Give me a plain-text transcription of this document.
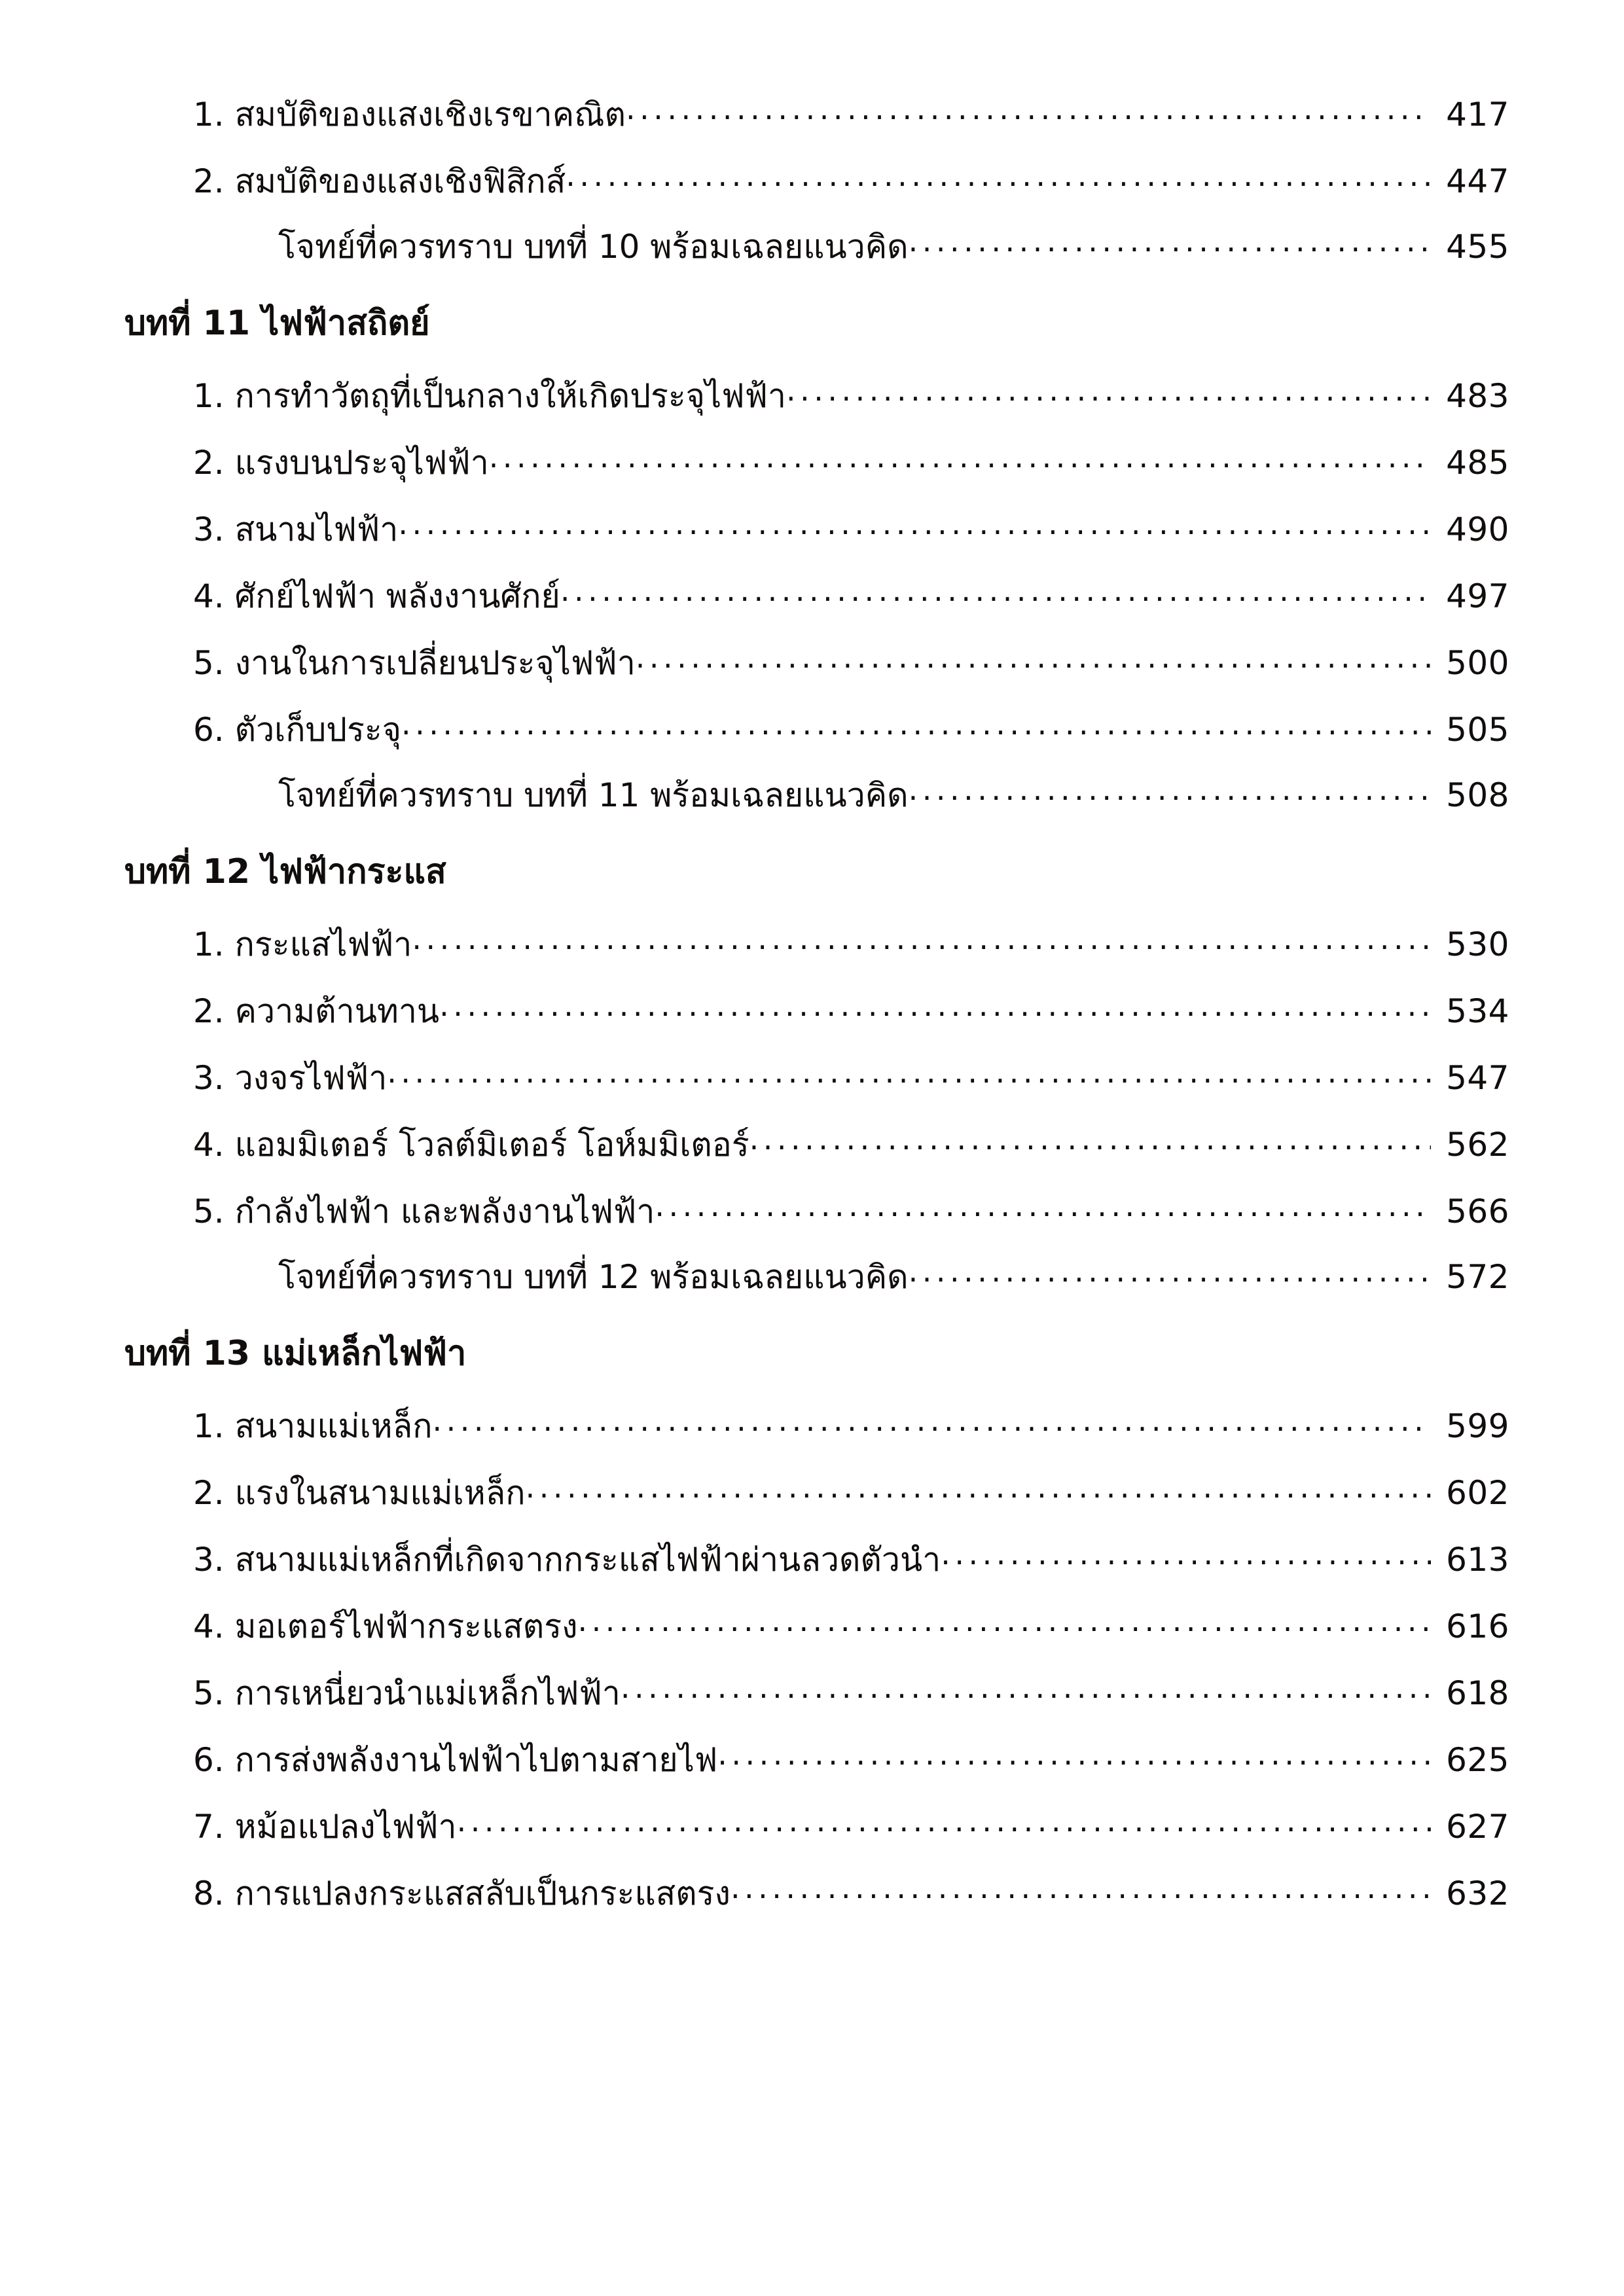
1. สมบัติของแสงเชิงเรขาคณิต .....	417
2. สมบัติของแสงเชิงฟิสิกส์ .....	447
โจทย์ที่ควรทราบ บทที่ 10 พร้อมเฉลยแนวคิด .....	455
บทที่ 11 ไฟฟ้าสถิตย์
1. การทำวัตถุที่เป็นกลางให้เกิดประจุไฟฟ้า .....	483
2. แรงบนประจุไฟฟ้า .....	485
3. สนามไฟฟ้า .....	490
4. ศักย์ไฟฟ้า พลังงานศักย์ .....	497
5. งานในการเปลี่ยนประจุไฟฟ้า .....	500
6. ตัวเก็บประจุ .....	505
โจทย์ที่ควรทราบ บทที่ 11 พร้อมเฉลยแนวคิด .....	508
บทที่ 12 ไฟฟ้ากระแส
1. กระแสไฟฟ้า .....	530
2. ความต้านทาน .....	534
3. วงจรไฟฟ้า .....	547
4. แอมมิเตอร์ โวลต์มิเตอร์ โอห์มมิเตอร์ .....	562
5. กำลังไฟฟ้า และพลังงานไฟฟ้า .....	566
โจทย์ที่ควรทราบ บทที่ 12 พร้อมเฉลยแนวคิด .....	572
บทที่ 13 แม่เหล็กไฟฟ้า
1. สนามแม่เหล็ก .....	599
2. แรงในสนามแม่เหล็ก .....	602
3. สนามแม่เหล็กที่เกิดจากกระแสไฟฟ้าผ่านลวดตัวนำ .....	613
4. มอเตอร์ไฟฟ้ากระแสตรง .....	616
5. การเหนี่ยวนำแม่เหล็กไฟฟ้า .....	618
6. การส่งพลังงานไฟฟ้าไปตามสายไฟ .....	625
7. หม้อแปลงไฟฟ้า .....	627
8. การแปลงกระแสสลับเป็นกระแสตรง .....	632
